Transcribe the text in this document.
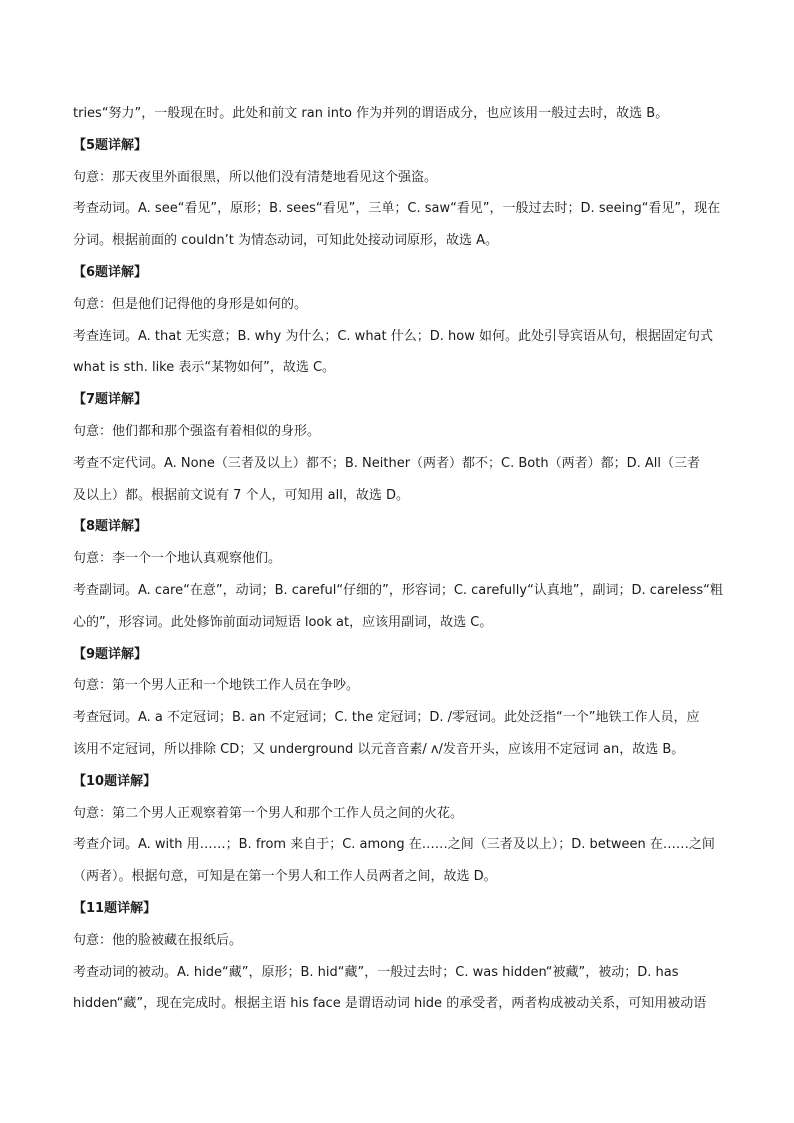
tries“努力”，一般现在时。此处和前文 ran into 作为并列的谓语成分，也应该用一般过去时，故选 B。
【5题详解】
句意：那天夜里外面很黑，所以他们没有清楚地看见这个强盗。
考查动词。A. see“看见”，原形；B. sees“看见”，三单；C. saw“看见”，一般过去时；D. seeing“看见”，现在
分词。根据前面的 couldn’t 为情态动词，可知此处接动词原形，故选 A。
【6题详解】
句意：但是他们记得他的身形是如何的。
考查连词。A. that 无实意；B. why 为什么；C. what 什么；D. how 如何。此处引导宾语从句，根据固定句式
what is sth. like 表示“某物如何”，故选 C。
【7题详解】
句意：他们都和那个强盗有着相似的身形。
考查不定代词。A. None（三者及以上）都不；B. Neither（两者）都不；C. Both（两者）都；D. All（三者
及以上）都。根据前文说有 7 个人，可知用 all，故选 D。
【8题详解】
句意：李一个一个地认真观察他们。
考查副词。A. care“在意”，动词；B. careful“仔细的”，形容词；C. carefully“认真地”，副词；D. careless“粗
心的”，形容词。此处修饰前面动词短语 look at，应该用副词，故选 C。
【9题详解】
句意：第一个男人正和一个地铁工作人员在争吵。
考查冠词。A. a 不定冠词；B. an 不定冠词；C. the 定冠词；D. /零冠词。此处泛指“一个”地铁工作人员，应
该用不定冠词，所以排除 CD；又 underground 以元音音素/ ʌ/发音开头，应该用不定冠词 an，故选 B。
【10题详解】
句意：第二个男人正观察着第一个男人和那个工作人员之间的火花。
考查介词。A. with 用……；B. from 来自于；C. among 在……之间（三者及以上）；D. between 在……之间
（两者）。根据句意，可知是在第一个男人和工作人员两者之间，故选 D。
【11题详解】
句意：他的脸被藏在报纸后。
考查动词的被动。A. hide“藏”，原形；B. hid“藏”，一般过去时；C. was hidden“被藏”，被动；D. has
hidden“藏”，现在完成时。根据主语 his face 是谓语动词 hide 的承受者，两者构成被动关系，可知用被动语
